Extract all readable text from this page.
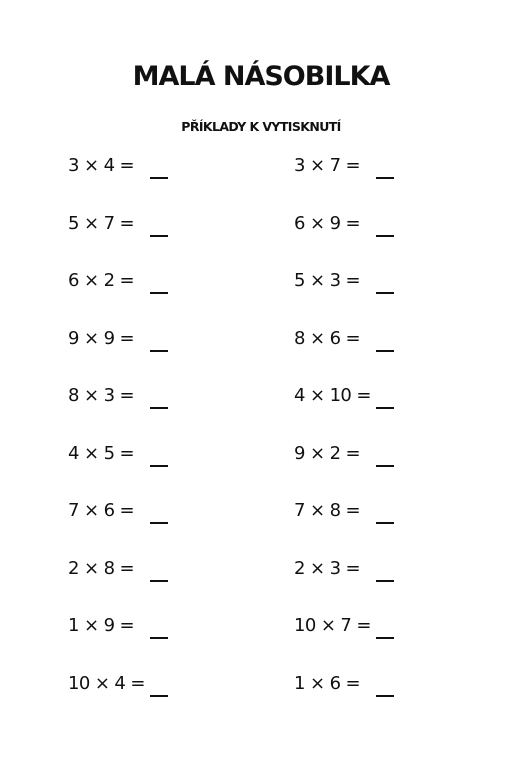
MALÁ NÁSOBILKA
PŘÍKLADY K VYTISKNUTÍ
3 × 4 =
5 × 7 =
6 × 2 =
9 × 9 =
8 × 3 =
4 × 5 =
7 × 6 =
2 × 8 =
1 × 9 =
10 × 4 =
3 × 7 =
6 × 9 =
5 × 3 =
8 × 6 =
4 × 10 =
9 × 2 =
7 × 8 =
2 × 3 =
10 × 7 =
1 × 6 =
